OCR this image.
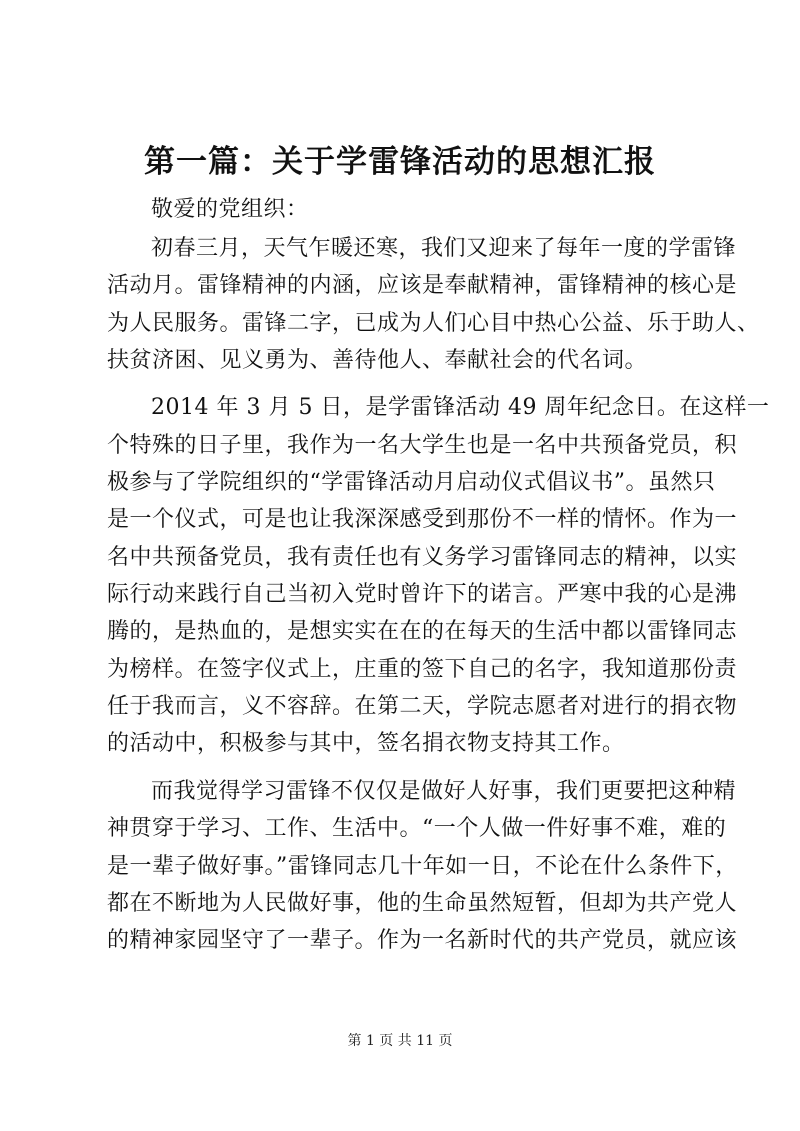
第一篇：关于学雷锋活动的思想汇报
敬爱的党组织：
初春三月，天气乍暖还寒，我们又迎来了每年一度的学雷锋
活动月。雷锋精神的内涵，应该是奉献精神，雷锋精神的核心是
为人民服务。雷锋二字，已成为人们心目中热心公益、乐于助人、
扶贫济困、见义勇为、善待他人、奉献社会的代名词。
2014 年 3 月 5 日，是学雷锋活动 49 周年纪念日。在这样一
个特殊的日子里，我作为一名大学生也是一名中共预备党员，积
极参与了学院组织的“学雷锋活动月启动仪式倡议书”。虽然只
是一个仪式，可是也让我深深感受到那份不一样的情怀。作为一
名中共预备党员，我有责任也有义务学习雷锋同志的精神，以实
际行动来践行自己当初入党时曾许下的诺言。严寒中我的心是沸
腾的，是热血的，是想实实在在的在每天的生活中都以雷锋同志
为榜样。在签字仪式上，庄重的签下自己的名字，我知道那份责
任于我而言，义不容辞。在第二天，学院志愿者对进行的捐衣物
的活动中，积极参与其中，签名捐衣物支持其工作。
而我觉得学习雷锋不仅仅是做好人好事，我们更要把这种精
神贯穿于学习、工作、生活中。“一个人做一件好事不难，难的
是一辈子做好事。”雷锋同志几十年如一日，不论在什么条件下，
都在不断地为人民做好事，他的生命虽然短暂，但却为共产党人
的精神家园坚守了一辈子。作为一名新时代的共产党员，就应该
第 1 页 共 11 页
